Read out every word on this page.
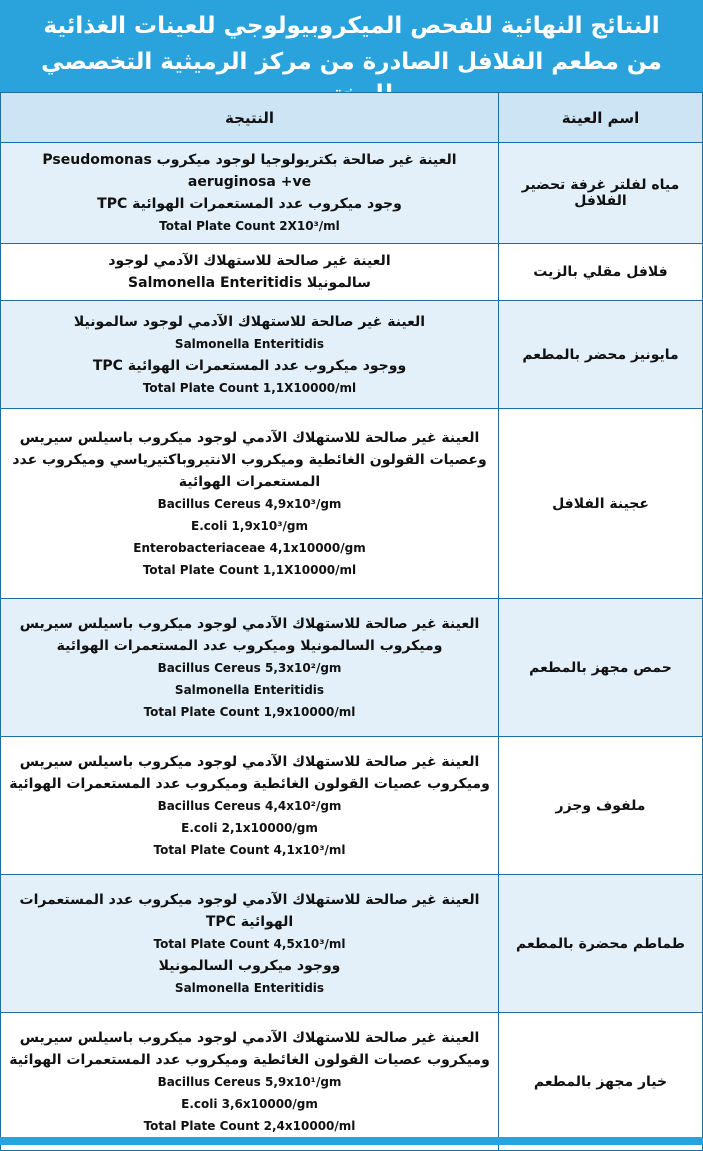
النتائج النهائية للفحص الميكروبيولوجي للعينات الغذائية
من مطعم الفلافل الصادرة من مركز الرميثية التخصصي
اسم العينة	النتيجة
مياه لفلتر غرفة تحضير الفلافل	العينة غير صالحة بكتريولوجيا لوجود ميكروب Pseudomonas aeruginosa +ve
وجود ميكروب عدد المستعمرات الهوائية TPC
Total Plate Count ‎2X10³/ml

فلافل مقلي بالزيت	العينة غير صالحة للاستهلاك الآدمي لوجود
سالمونيلا Salmonella Enteritidis

مايونيز محضر بالمطعم	العينة غير صالحة للاستهلاك الآدمي لوجود سالمونيلا
Salmonella Enteritidis
ووجود ميكروب عدد المستعمرات الهوائية TPC
Total Plate Count ‎1,1X10000/ml

عجينة الفلافل	العينة غير صالحة للاستهلاك الآدمي لوجود ميكروب باسيلس سيريس وعصيات القولون الغائطية وميكروب الانتيروباكتيرياسي وميكروب عدد المستعمرات الهوائية
Bacillus Cereus ‎4,9x10³/gm
E.coli ‎1,9x10³/gm
Enterobacteriaceae ‎4,1x10000/gm
Total Plate Count ‎1,1X10000/ml

حمص مجهز بالمطعم	العينة غير صالحة للاستهلاك الآدمي لوجود ميكروب باسيلس سيريس وميكروب السالمونيلا وميكروب عدد المستعمرات الهوائية
Bacillus Cereus ‎5,3x10²/gm
Salmonella Enteritidis
Total Plate Count ‎1,9x10000/ml

ملفوف وجزر	العينة غير صالحة للاستهلاك الآدمي لوجود ميكروب باسيلس سيريس وميكروب عصيات القولون الغائطية وميكروب عدد المستعمرات الهوائية
Bacillus Cereus ‎4,4x10²/gm
E.coli ‎2,1x10000/gm
Total Plate Count ‎4,1x10³/ml

طماطم محضرة بالمطعم	العينة غير صالحة للاستهلاك الآدمي لوجود ميكروب عدد المستعمرات الهوائية TPC
Total Plate Count ‎4,5x10³/ml
ووجود ميكروب السالمونيلا
Salmonella Enteritidis

خيار مجهز بالمطعم	العينة غير صالحة للاستهلاك الآدمي لوجود ميكروب باسيلس سيريس وميكروب عصيات القولون الغائطية وميكروب عدد المستعمرات الهوائية
Bacillus Cereus ‎5,9x10¹/gm
E.coli ‎3,6x10000/gm
Total Plate Count ‎2,4x10000/ml
